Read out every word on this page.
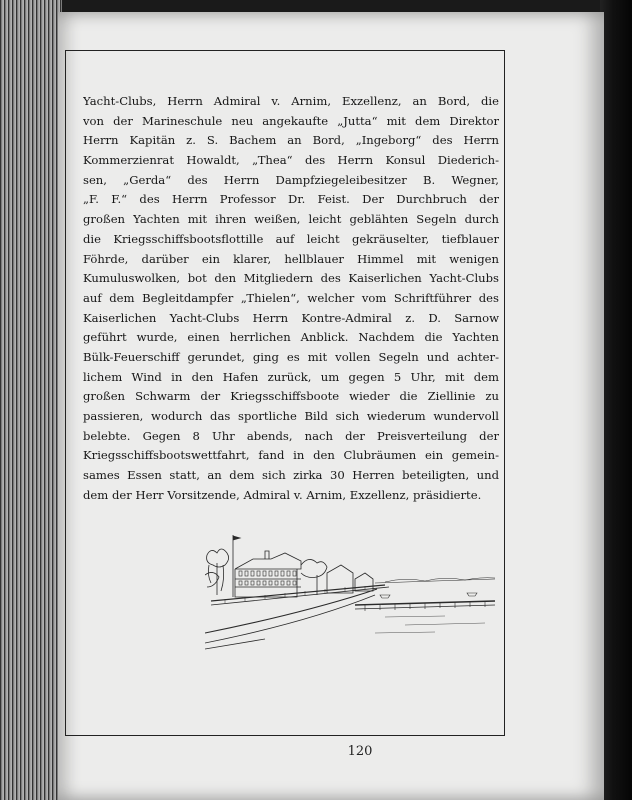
Yacht-Clubs, Herrn Admiral v. Arnim, Exzellenz, an Bord, die
von der Marineschule neu angekaufte „Jutta“ mit dem Direktor
Herrn Kapitän z. S. Bachem an Bord, „Ingeborg“ des Herrn
Kommerzienrat Howaldt, „Thea“ des Herrn Konsul Diederich-
sen, „Gerda“ des Herrn Dampfziegeleibesitzer B. Wegner,
„F. F.“ des Herrn Professor Dr. Feist. Der Durchbruch der
großen Yachten mit ihren weißen, leicht geblähten Segeln durch
die Kriegsschiffsbootsflottille auf leicht gekräuselter, tiefblauer
Föhrde, darüber ein klarer, hellblauer Himmel mit wenigen
Kumuluswolken, bot den Mitgliedern des Kaiserlichen Yacht-Clubs
auf dem Begleitdampfer „Thielen“, welcher vom Schriftführer des
Kaiserlichen Yacht-Clubs Herrn Kontre-Admiral z. D. Sarnow
geführt wurde, einen herrlichen Anblick. Nachdem die Yachten
Bülk-Feuerschiff gerundet, ging es mit vollen Segeln und achter-
lichem Wind in den Hafen zurück, um gegen 5 Uhr, mit dem
großen Schwarm der Kriegsschiffsboote wieder die Ziellinie zu
passieren, wodurch das sportliche Bild sich wiederum wundervoll
belebte. Gegen 8 Uhr abends, nach der Preisverteilung der
Kriegsschiffsbootswettfahrt, fand in den Clubräumen ein gemein-
sames Essen statt, an dem sich zirka 30 Herren beteiligten, und
dem der Herr Vorsitzende, Admiral v. Arnim, Exzellenz, präsidierte.
120
